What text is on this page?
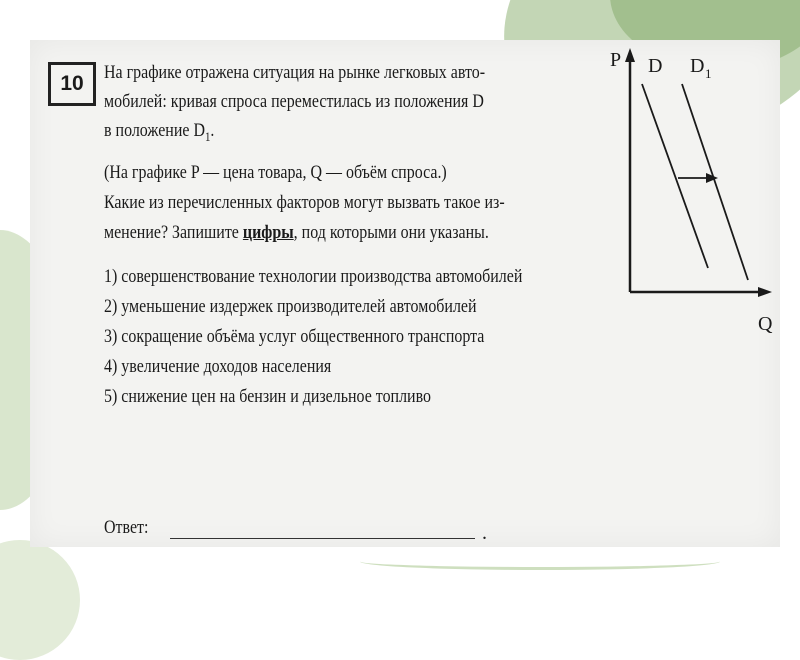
10 На графике отражена ситуация на рынке легковых авто-
мобилей: кривая спроса переместилась из положения D
в положение $D_1$.
(На графике P — цена товара, Q — объём спроса.)
Какие из перечисленных факторов могут вызвать такое из-
менение? Запишите цифры, под которыми они указаны.
1) совершенствование технологии производства автомобилей
2) уменьшение издержек производителей автомобилей
3) сокращение объёма услуг общественного транспорта
4) увеличение доходов населения
5) снижение цен на бензин и дизельное топливо
Ответ:	.
P D D 1
Q
